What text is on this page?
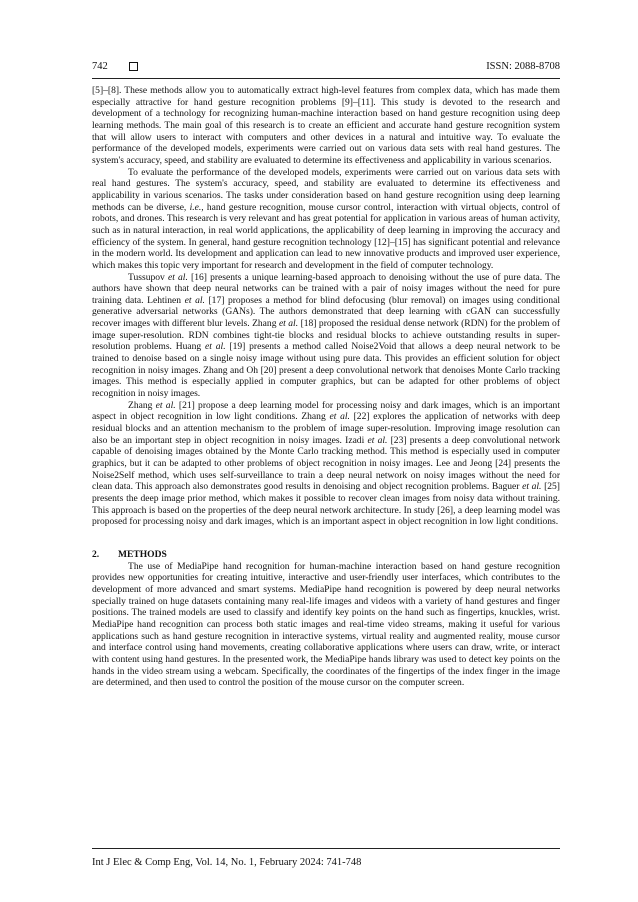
742	ISSN: 2088-8708

[5]–[8]. These methods allow you to automatically extract high-level features from complex data, which has made them especially attractive for hand gesture recognition problems [9]–[11]. This study is devoted to the research and development of a technology for recognizing human-machine interaction based on hand gesture recognition using deep learning methods. The main goal of this research is to create an efficient and accurate hand gesture recognition system that will allow users to interact with computers and other devices in a natural and intuitive way. To evaluate the performance of the developed models, experiments were carried out on various data sets with real hand gestures. The system's accuracy, speed, and stability are evaluated to determine its effectiveness and applicability in various scenarios.

To evaluate the performance of the developed models, experiments were carried out on various data sets with real hand gestures. The system's accuracy, speed, and stability are evaluated to determine its effectiveness and applicability in various scenarios. The tasks under consideration based on hand gesture recognition using deep learning methods can be diverse, i.e., hand gesture recognition, mouse cursor control, interaction with virtual objects, control of robots, and drones. This research is very relevant and has great potential for application in various areas of human activity, such as in natural interaction, in real world applications, the applicability of deep learning in improving the accuracy and efficiency of the system. In general, hand gesture recognition technology [12]–[15] has significant potential and relevance in the modern world. Its development and application can lead to new innovative products and improved user experience, which makes this topic very important for research and development in the field of computer technology.

Tussupov et al. [16] presents a unique learning-based approach to denoising without the use of pure data. The authors have shown that deep neural networks can be trained with a pair of noisy images without the need for pure training data. Lehtinen et al. [17] proposes a method for blind defocusing (blur removal) on images using conditional generative adversarial networks (GANs). The authors demonstrated that deep learning with cGAN can successfully recover images with different blur levels. Zhang et al. [18] proposed the residual dense network (RDN) for the problem of image super-resolution. RDN combines tight-tie blocks and residual blocks to achieve outstanding results in super-resolution problems. Huang et al. [19] presents a method called Noise2Void that allows a deep neural network to be trained to denoise based on a single noisy image without using pure data. This provides an efficient solution for object recognition in noisy images. Zhang and Oh [20] present a deep convolutional network that denoises Monte Carlo tracking images. This method is especially applied in computer graphics, but can be adapted for other problems of object recognition in noisy images.

Zhang et al. [21] propose a deep learning model for processing noisy and dark images, which is an important aspect in object recognition in low light conditions. Zhang et al. [22] explores the application of networks with deep residual blocks and an attention mechanism to the problem of image super-resolution. Improving image resolution can also be an important step in object recognition in noisy images. Izadi et al. [23] presents a deep convolutional network capable of denoising images obtained by the Monte Carlo tracking method. This method is especially used in computer graphics, but it can be adapted to other problems of object recognition in noisy images. Lee and Jeong [24] presents the Noise2Self method, which uses self-surveillance to train a deep neural network on noisy images without the need for clean data. This approach also demonstrates good results in denoising and object recognition problems. Baguer et al. [25] presents the deep image prior method, which makes it possible to recover clean images from noisy data without training. This approach is based on the properties of the deep neural network architecture. In study [26], a deep learning model was proposed for processing noisy and dark images, which is an important aspect in object recognition in low light conditions.

2. METHODS

The use of MediaPipe hand recognition for human-machine interaction based on hand gesture recognition provides new opportunities for creating intuitive, interactive and user-friendly user interfaces, which contributes to the development of more advanced and smart systems. MediaPipe hand recognition is powered by deep neural networks specially trained on huge datasets containing many real-life images and videos with a variety of hand gestures and finger positions. The trained models are used to classify and identify key points on the hand such as fingertips, knuckles, wrist. MediaPipe hand recognition can process both static images and real-time video streams, making it useful for various applications such as hand gesture recognition in interactive systems, virtual reality and augmented reality, mouse cursor and interface control using hand movements, creating collaborative applications where users can draw, write, or interact with content using hand gestures. In the presented work, the MediaPipe hands library was used to detect key points on the hands in the video stream using a webcam. Specifically, the coordinates of the fingertips of the index finger in the image are determined, and then used to control the position of the mouse cursor on the computer screen.

Int J Elec & Comp Eng, Vol. 14, No. 1, February 2024: 741-748
